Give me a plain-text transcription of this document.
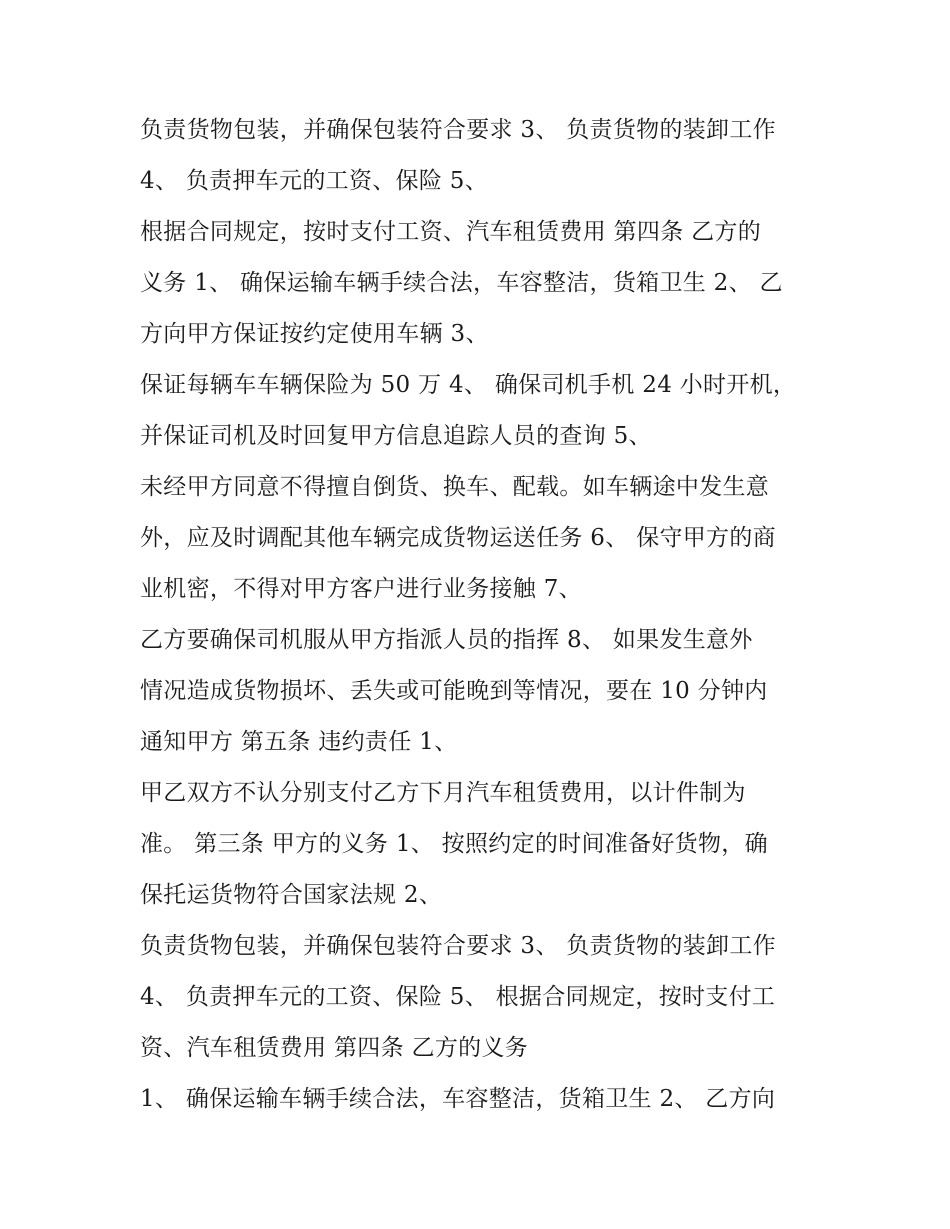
负责货物包装，并确保包装符合要求 3、 负责货物的装卸工作
4、 负责押车元的工资、保险 5、
根据合同规定，按时支付工资、汽车租赁费用 第四条 乙方的
义务 1、 确保运输车辆手续合法，车容整洁，货箱卫生 2、 乙
方向甲方保证按约定使用车辆 3、
保证每辆车车辆保险为 50 万 4、 确保司机手机 24 小时开机，
并保证司机及时回复甲方信息追踪人员的查询 5、
未经甲方同意不得擅自倒货、换车、配载。如车辆途中发生意
外，应及时调配其他车辆完成货物运送任务 6、 保守甲方的商
业机密，不得对甲方客户进行业务接触 7、
乙方要确保司机服从甲方指派人员的指挥 8、 如果发生意外
情况造成货物损坏、丢失或可能晚到等情况，要在 10 分钟内
通知甲方 第五条 违约责任 1、
甲乙双方不认分别支付乙方下月汽车租赁费用，以计件制为
准。 第三条 甲方的义务 1、 按照约定的时间准备好货物，确
保托运货物符合国家法规 2、
负责货物包装，并确保包装符合要求 3、 负责货物的装卸工作
4、 负责押车元的工资、保险 5、 根据合同规定，按时支付工
资、汽车租赁费用 第四条 乙方的义务
1、 确保运输车辆手续合法，车容整洁，货箱卫生 2、 乙方向
